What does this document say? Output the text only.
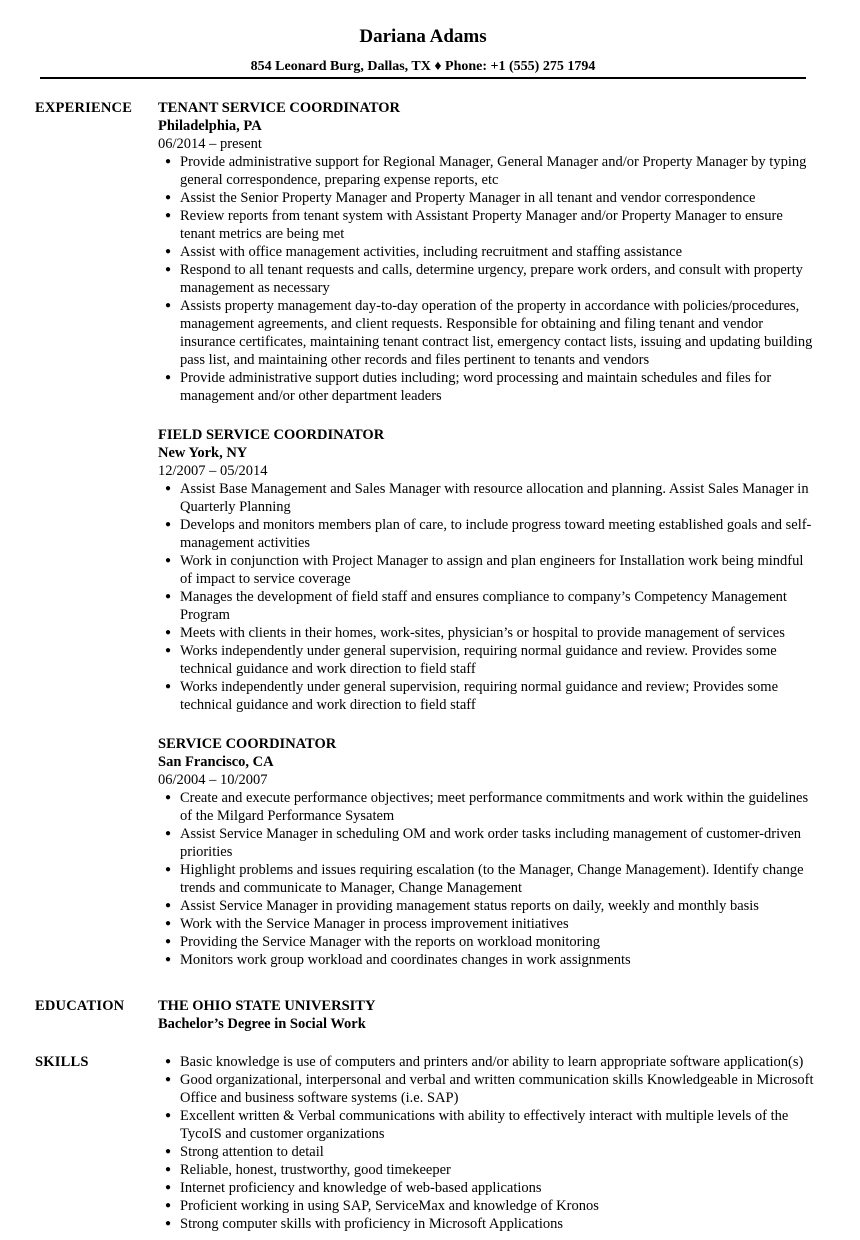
Dariana Adams
854 Leonard Burg, Dallas, TX ♦ Phone: +1 (555) 275 1794
EXPERIENCE	TENANT SERVICE COORDINATOR
Philadelphia, PA
06/2014 – present
● Provide administrative support for Regional Manager, General Manager and/or Property Manager by typing general correspondence, preparing expense reports, etc
● Assist the Senior Property Manager and Property Manager in all tenant and vendor correspondence
● Review reports from tenant system with Assistant Property Manager and/or Property Manager to ensure tenant metrics are being met
● Assist with office management activities, including recruitment and staffing assistance
● Respond to all tenant requests and calls, determine urgency, prepare work orders, and consult with property management as necessary
● Assists property management day-to-day operation of the property in accordance with policies/procedures, management agreements, and client requests. Responsible for obtaining and filing tenant and vendor insurance certificates, maintaining tenant contract list, emergency contact lists, issuing and updating building pass list, and maintaining other records and files pertinent to tenants and vendors
● Provide administrative support duties including; word processing and maintain schedules and files for management and/or other department leaders
FIELD SERVICE COORDINATOR
New York, NY
12/2007 – 05/2014
● Assist Base Management and Sales Manager with resource allocation and planning. Assist Sales Manager in Quarterly Planning
● Develops and monitors members plan of care, to include progress toward meeting established goals and self-management activities
● Work in conjunction with Project Manager to assign and plan engineers for Installation work being mindful of impact to service coverage
● Manages the development of field staff and ensures compliance to company’s Competency Management Program
● Meets with clients in their homes, work-sites, physician’s or hospital to provide management of services
● Works independently under general supervision, requiring normal guidance and review. Provides some technical guidance and work direction to field staff
● Works independently under general supervision, requiring normal guidance and review; Provides some technical guidance and work direction to field staff
SERVICE COORDINATOR
San Francisco, CA
06/2004 – 10/2007
● Create and execute performance objectives; meet performance commitments and work within the guidelines of the Milgard Performance Sysatem
● Assist Service Manager in scheduling OM and work order tasks including management of customer-driven priorities
● Highlight problems and issues requiring escalation (to the Manager, Change Management). Identify change trends and communicate to Manager, Change Management
● Assist Service Manager in providing management status reports on daily, weekly and monthly basis
● Work with the Service Manager in process improvement initiatives
● Providing the Service Manager with the reports on workload monitoring
● Monitors work group workload and coordinates changes in work assignments
EDUCATION	THE OHIO STATE UNIVERSITY
Bachelor’s Degree in Social Work
SKILLS	● Basic knowledge is use of computers and printers and/or ability to learn appropriate software application(s)
● Good organizational, interpersonal and verbal and written communication skills Knowledgeable in Microsoft Office and business software systems (i.e. SAP)
● Excellent written & Verbal communications with ability to effectively interact with multiple levels of the TycoIS and customer organizations
● Strong attention to detail
● Reliable, honest, trustworthy, good timekeeper
● Internet proficiency and knowledge of web-based applications
● Proficient working in using SAP, ServiceMax and knowledge of Kronos
● Strong computer skills with proficiency in Microsoft Applications
